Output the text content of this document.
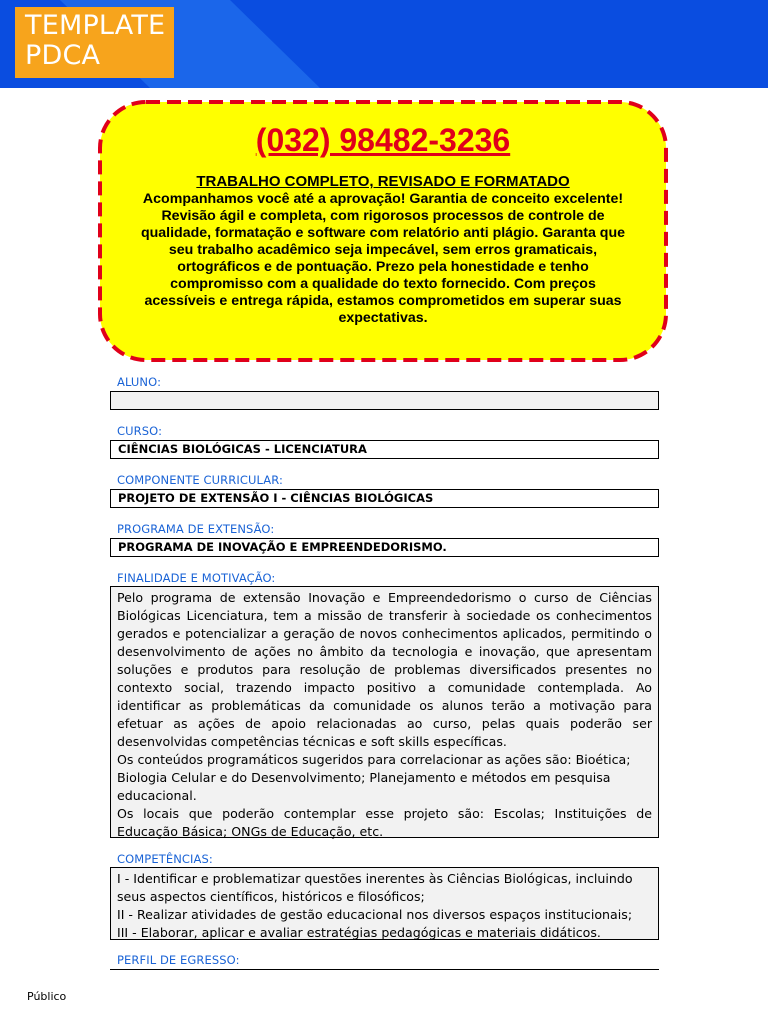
TEMPLATE
PDCA
(032) 98482-3236
TRABALHO COMPLETO, REVISADO E FORMATADO
Acompanhamos você até a aprovação! Garantia de conceito excelente! Revisão ágil e completa, com rigorosos processos de controle de qualidade, formatação e software com relatório anti plágio. Garanta que seu trabalho acadêmico seja impecável, sem erros gramaticais, ortográficos e de pontuação. Prezo pela honestidade e tenho compromisso com a qualidade do texto fornecido. Com preços acessíveis e entrega rápida, estamos comprometidos em superar suas expectativas.
ALUNO:
CURSO:
CIÊNCIAS BIOLÓGICAS - LICENCIATURA
COMPONENTE CURRICULAR:
PROJETO DE EXTENSÃO I - CIÊNCIAS BIOLÓGICAS
PROGRAMA DE EXTENSÃO:
PROGRAMA DE INOVAÇÃO E EMPREENDEDORISMO.
FINALIDADE E MOTIVAÇÃO:

Pelo programa de extensão Inovação e Empreendedorismo o curso de Ciências Biológicas Licenciatura, tem a missão de transferir à sociedade os conhecimentos gerados e potencializar a geração de novos conhecimentos aplicados, permitindo o desenvolvimento de ações no âmbito da tecnologia e inovação, que apresentam soluções e produtos para resolução de problemas diversificados presentes no contexto social, trazendo impacto positivo a comunidade contemplada. Ao identificar as problemáticas da comunidade os alunos terão a motivação para efetuar as ações de apoio relacionadas ao curso, pelas quais poderão ser desenvolvidas competências técnicas e soft skills específicas.

Os conteúdos programáticos sugeridos para correlacionar as ações são: Bioética; Biologia Celular e do Desenvolvimento; Planejamento e métodos em pesquisa educacional.

Os locais que poderão contemplar esse projeto são: Escolas; Instituições de Educação Básica; ONGs de Educação, etc.

COMPETÊNCIAS:

I - Identificar e problematizar questões inerentes às Ciências Biológicas, incluindo seus aspectos científicos, históricos e filosóficos;

II - Realizar atividades de gestão educacional nos diversos espaços institucionais;

III - Elaborar, aplicar e avaliar estratégias pedagógicas e materiais didáticos.

PERFIL DE EGRESSO:
Público
